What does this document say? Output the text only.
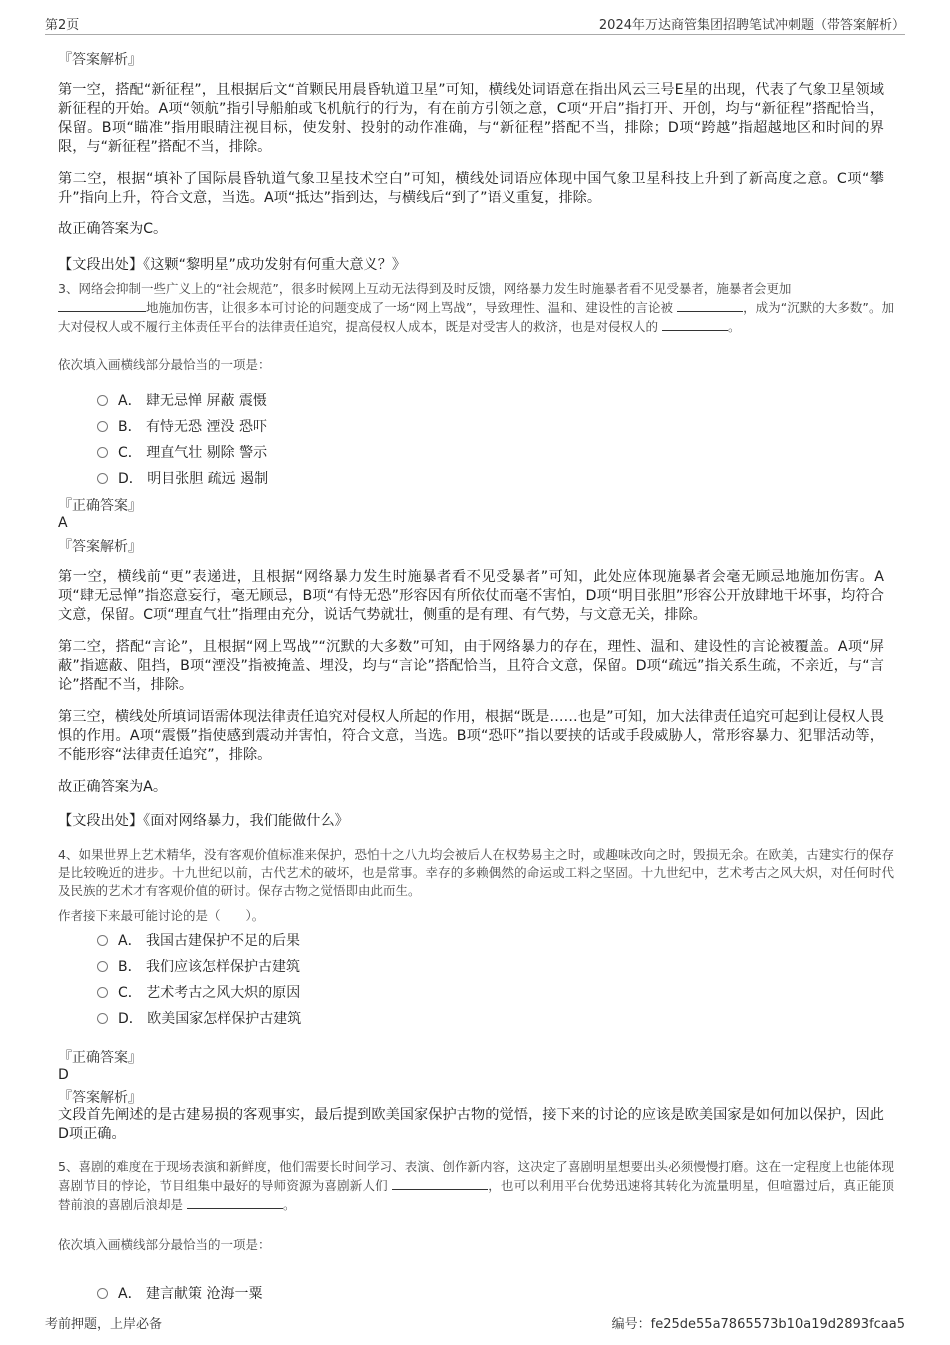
第2页	2024年万达商管集团招聘笔试冲刺题（带答案解析）
『答案解析』
第一空，搭配“新征程”，且根据后文“首颗民用晨昏轨道卫星”可知，横线处词语意在指出风云三号E星的出现，代表了气象卫星领域新征程的开始。A项“领航”指引导船舶或飞机航行的行为，有在前方引领之意，C项“开启”指打开、开创，均与“新征程”搭配恰当，保留。B项“瞄准”指用眼睛注视目标，使发射、投射的动作准确，与“新征程”搭配不当，排除；D项“跨越”指超越地区和时间的界限，与“新征程”搭配不当，排除。
第二空，根据“填补了国际晨昏轨道气象卫星技术空白”可知，横线处词语应体现中国气象卫星科技上升到了新高度之意。C项“攀升”指向上升，符合文意，当选。A项“抵达”指到达，与横线后“到了”语义重复，排除。
故正确答案为C。
【文段出处】《这颗“黎明星”成功发射有何重大意义？》
3、网络会抑制一些广义上的“社会规范”，很多时候网上互动无法得到及时反馈，网络暴力发生时施暴者看不见受暴者，施暴者会更加
地施加伤害，让很多本可讨论的问题变成了一场“网上骂战”，导致理性、温和、建设性的言论被	，成为“沉默的大多数”。加大对侵权人或不履行主体责任平台的法律责任追究，提高侵权人成本，既是对受害人的救济，也是对侵权人的	。
依次填入画横线部分最恰当的一项是：
A． 肆无忌惮 屏蔽 震慑
B． 有恃无恐 湮没 恐吓
C． 理直气壮 剔除 警示
D． 明目张胆 疏远 遏制
『正确答案』
A
『答案解析』
第一空，横线前“更”表递进，且根据“网络暴力发生时施暴者看不见受暴者”可知，此处应体现施暴者会毫无顾忌地施加伤害。A项“肆无忌惮”指恣意妄行，毫无顾忌，B项“有恃无恐”形容因有所依仗而毫不害怕，D项“明目张胆”形容公开放肆地干坏事，均符合文意，保留。C项“理直气壮”指理由充分，说话气势就壮，侧重的是有理、有气势，与文意无关，排除。
第二空，搭配“言论”，且根据“网上骂战”“沉默的大多数”可知，由于网络暴力的存在，理性、温和、建设性的言论被覆盖。A项“屏蔽”指遮蔽、阻挡，B项“湮没”指被掩盖、埋没，均与“言论”搭配恰当，且符合文意，保留。D项“疏远”指关系生疏，不亲近，与“言论”搭配不当，排除。
第三空，横线处所填词语需体现法律责任追究对侵权人所起的作用，根据“既是……也是”可知，加大法律责任追究可起到让侵权人畏惧的作用。A项“震慑”指使感到震动并害怕，符合文意，当选。B项“恐吓”指以要挟的话或手段威胁人，常形容暴力、犯罪活动等，不能形容“法律责任追究”，排除。
故正确答案为A。
【文段出处】《面对网络暴力，我们能做什么》
4、如果世界上艺术精华，没有客观价值标准来保护，恐怕十之八九均会被后人在权势易主之时，或趣味改向之时，毁损无余。在欧美，古建实行的保存是比较晚近的进步。十九世纪以前，古代艺术的破坏，也是常事。幸存的多赖偶然的命运或工料之坚固。十九世纪中，艺术考古之风大炽，对任何时代及民族的艺术才有客观价值的研讨。保存古物之觉悟即由此而生。
作者接下来最可能讨论的是（　　）。
A． 我国古建保护不足的后果
B． 我们应该怎样保护古建筑
C． 艺术考古之风大炽的原因
D． 欧美国家怎样保护古建筑
『正确答案』
D
『答案解析』
文段首先阐述的是古建易损的客观事实，最后提到欧美国家保护古物的觉悟，接下来的讨论的应该是欧美国家是如何加以保护，因此D项正确。
5、喜剧的难度在于现场表演和新鲜度，他们需要长时间学习、表演、创作新内容，这决定了喜剧明星想要出头必须慢慢打磨。这在一定程度上也能体现喜剧节目的悖论，节目组集中最好的导师资源为喜剧新人们	，也可以利用平台优势迅速将其转化为流量明星，但喧嚣过后，真正能顶替前浪的喜剧后浪却是	。
依次填入画横线部分最恰当的一项是：
A． 建言献策 沧海一粟
考前押题，上岸必备	编号：fe25de55a7865573b10a19d2893fcaa5
